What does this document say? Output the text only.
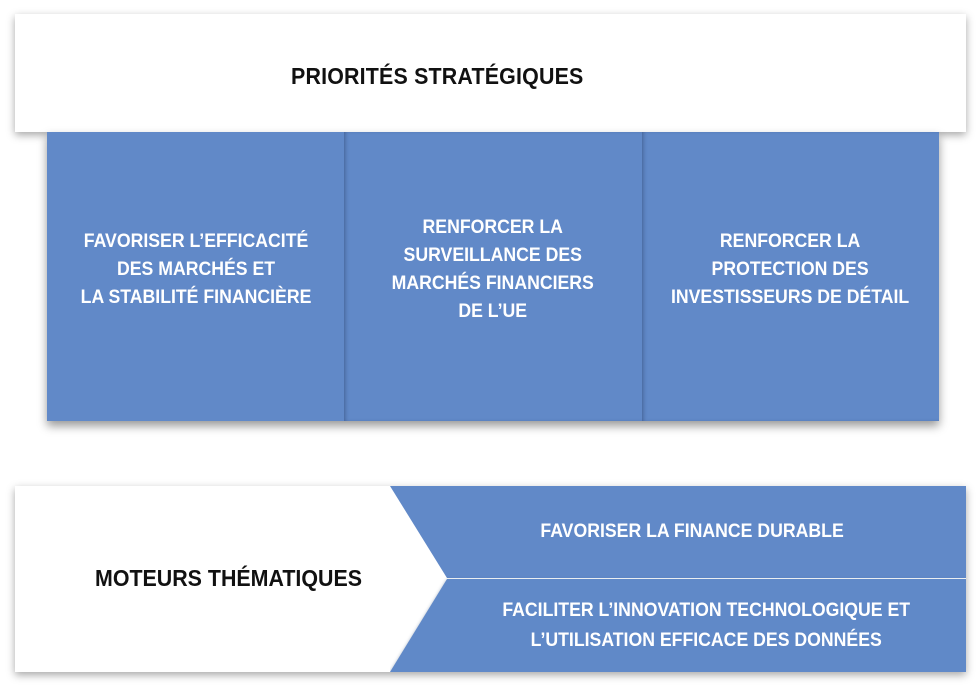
PRIORITÉS STRATÉGIQUES
FAVORISER L’EFFICACITÉ
DES MARCHÉS ET
LA STABILITÉ FINANCIÈRE
RENFORCER LA
SURVEILLANCE DES
MARCHÉS FINANCIERS
DE L’UE
RENFORCER LA
PROTECTION DES
INVESTISSEURS DE DÉTAIL
MOTEURS THÉMATIQUES
FAVORISER LA FINANCE DURABLE
FACILITER L’INNOVATION TECHNOLOGIQUE ET
L’UTILISATION EFFICACE DES DONNÉES
